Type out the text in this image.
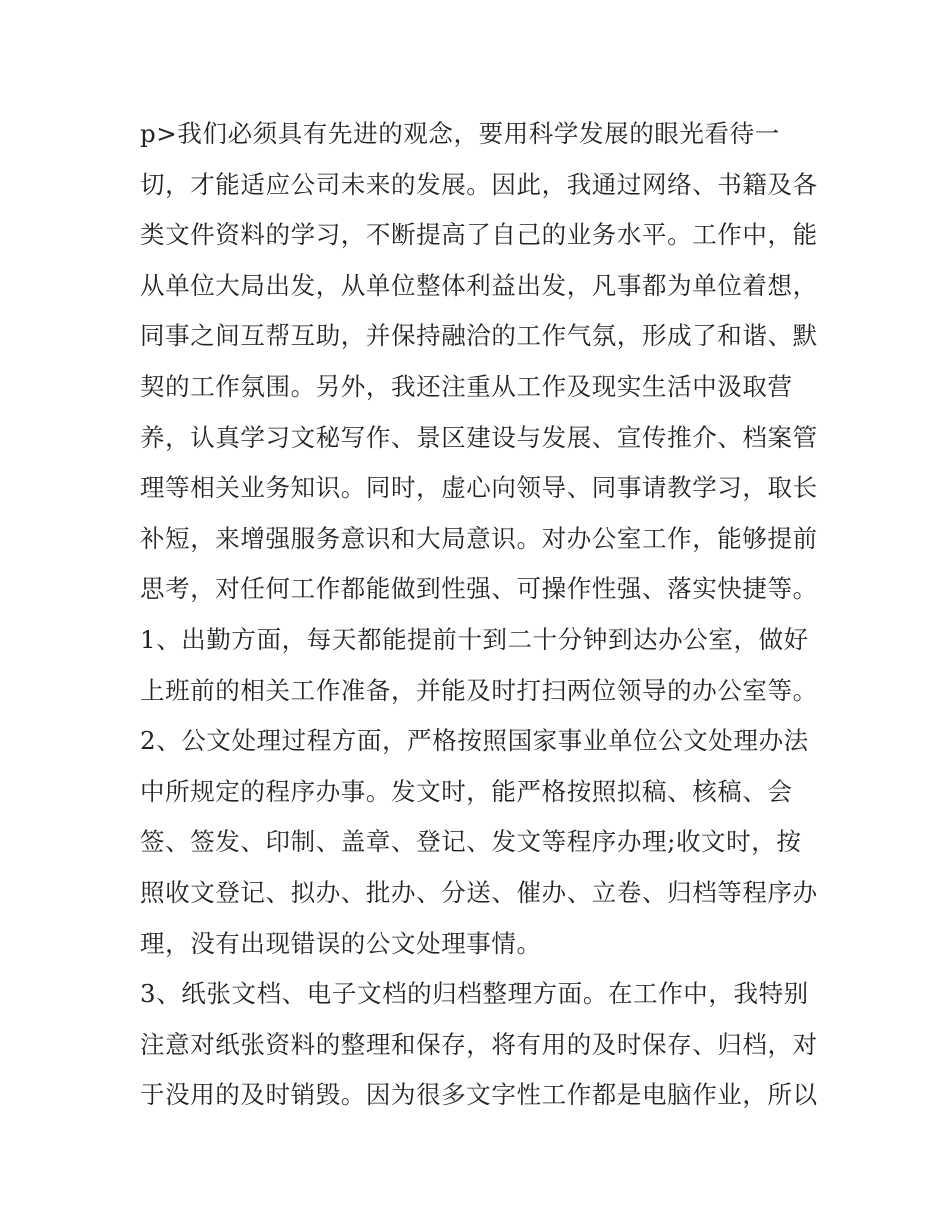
p>我们必须具有先进的观念，要用科学发展的眼光看待一
切，才能适应公司未来的发展。因此，我通过网络、书籍及各
类文件资料的学习，不断提高了自己的业务水平。工作中，能
从单位大局出发，从单位整体利益出发，凡事都为单位着想，
同事之间互帮互助，并保持融洽的工作气氛，形成了和谐、默
契的工作氛围。另外，我还注重从工作及现实生活中汲取营
养，认真学习文秘写作、景区建设与发展、宣传推介、档案管
理等相关业务知识。同时，虚心向领导、同事请教学习，取长
补短，来增强服务意识和大局意识。对办公室工作，能够提前
思考，对任何工作都能做到性强、可操作性强、落实快捷等。
1、出勤方面，每天都能提前十到二十分钟到达办公室，做好
上班前的相关工作准备，并能及时打扫两位领导的办公室等。
2、公文处理过程方面，严格按照国家事业单位公文处理办法
中所规定的程序办事。发文时，能严格按照拟稿、核稿、会
签、签发、印制、盖章、登记、发文等程序办理;收文时，按
照收文登记、拟办、批办、分送、催办、立卷、归档等程序办
理，没有出现错误的公文处理事情。
3、纸张文档、电子文档的归档整理方面。在工作中，我特别
注意对纸张资料的整理和保存，将有用的及时保存、归档，对
于没用的及时销毁。因为很多文字性工作都是电脑作业，所以
